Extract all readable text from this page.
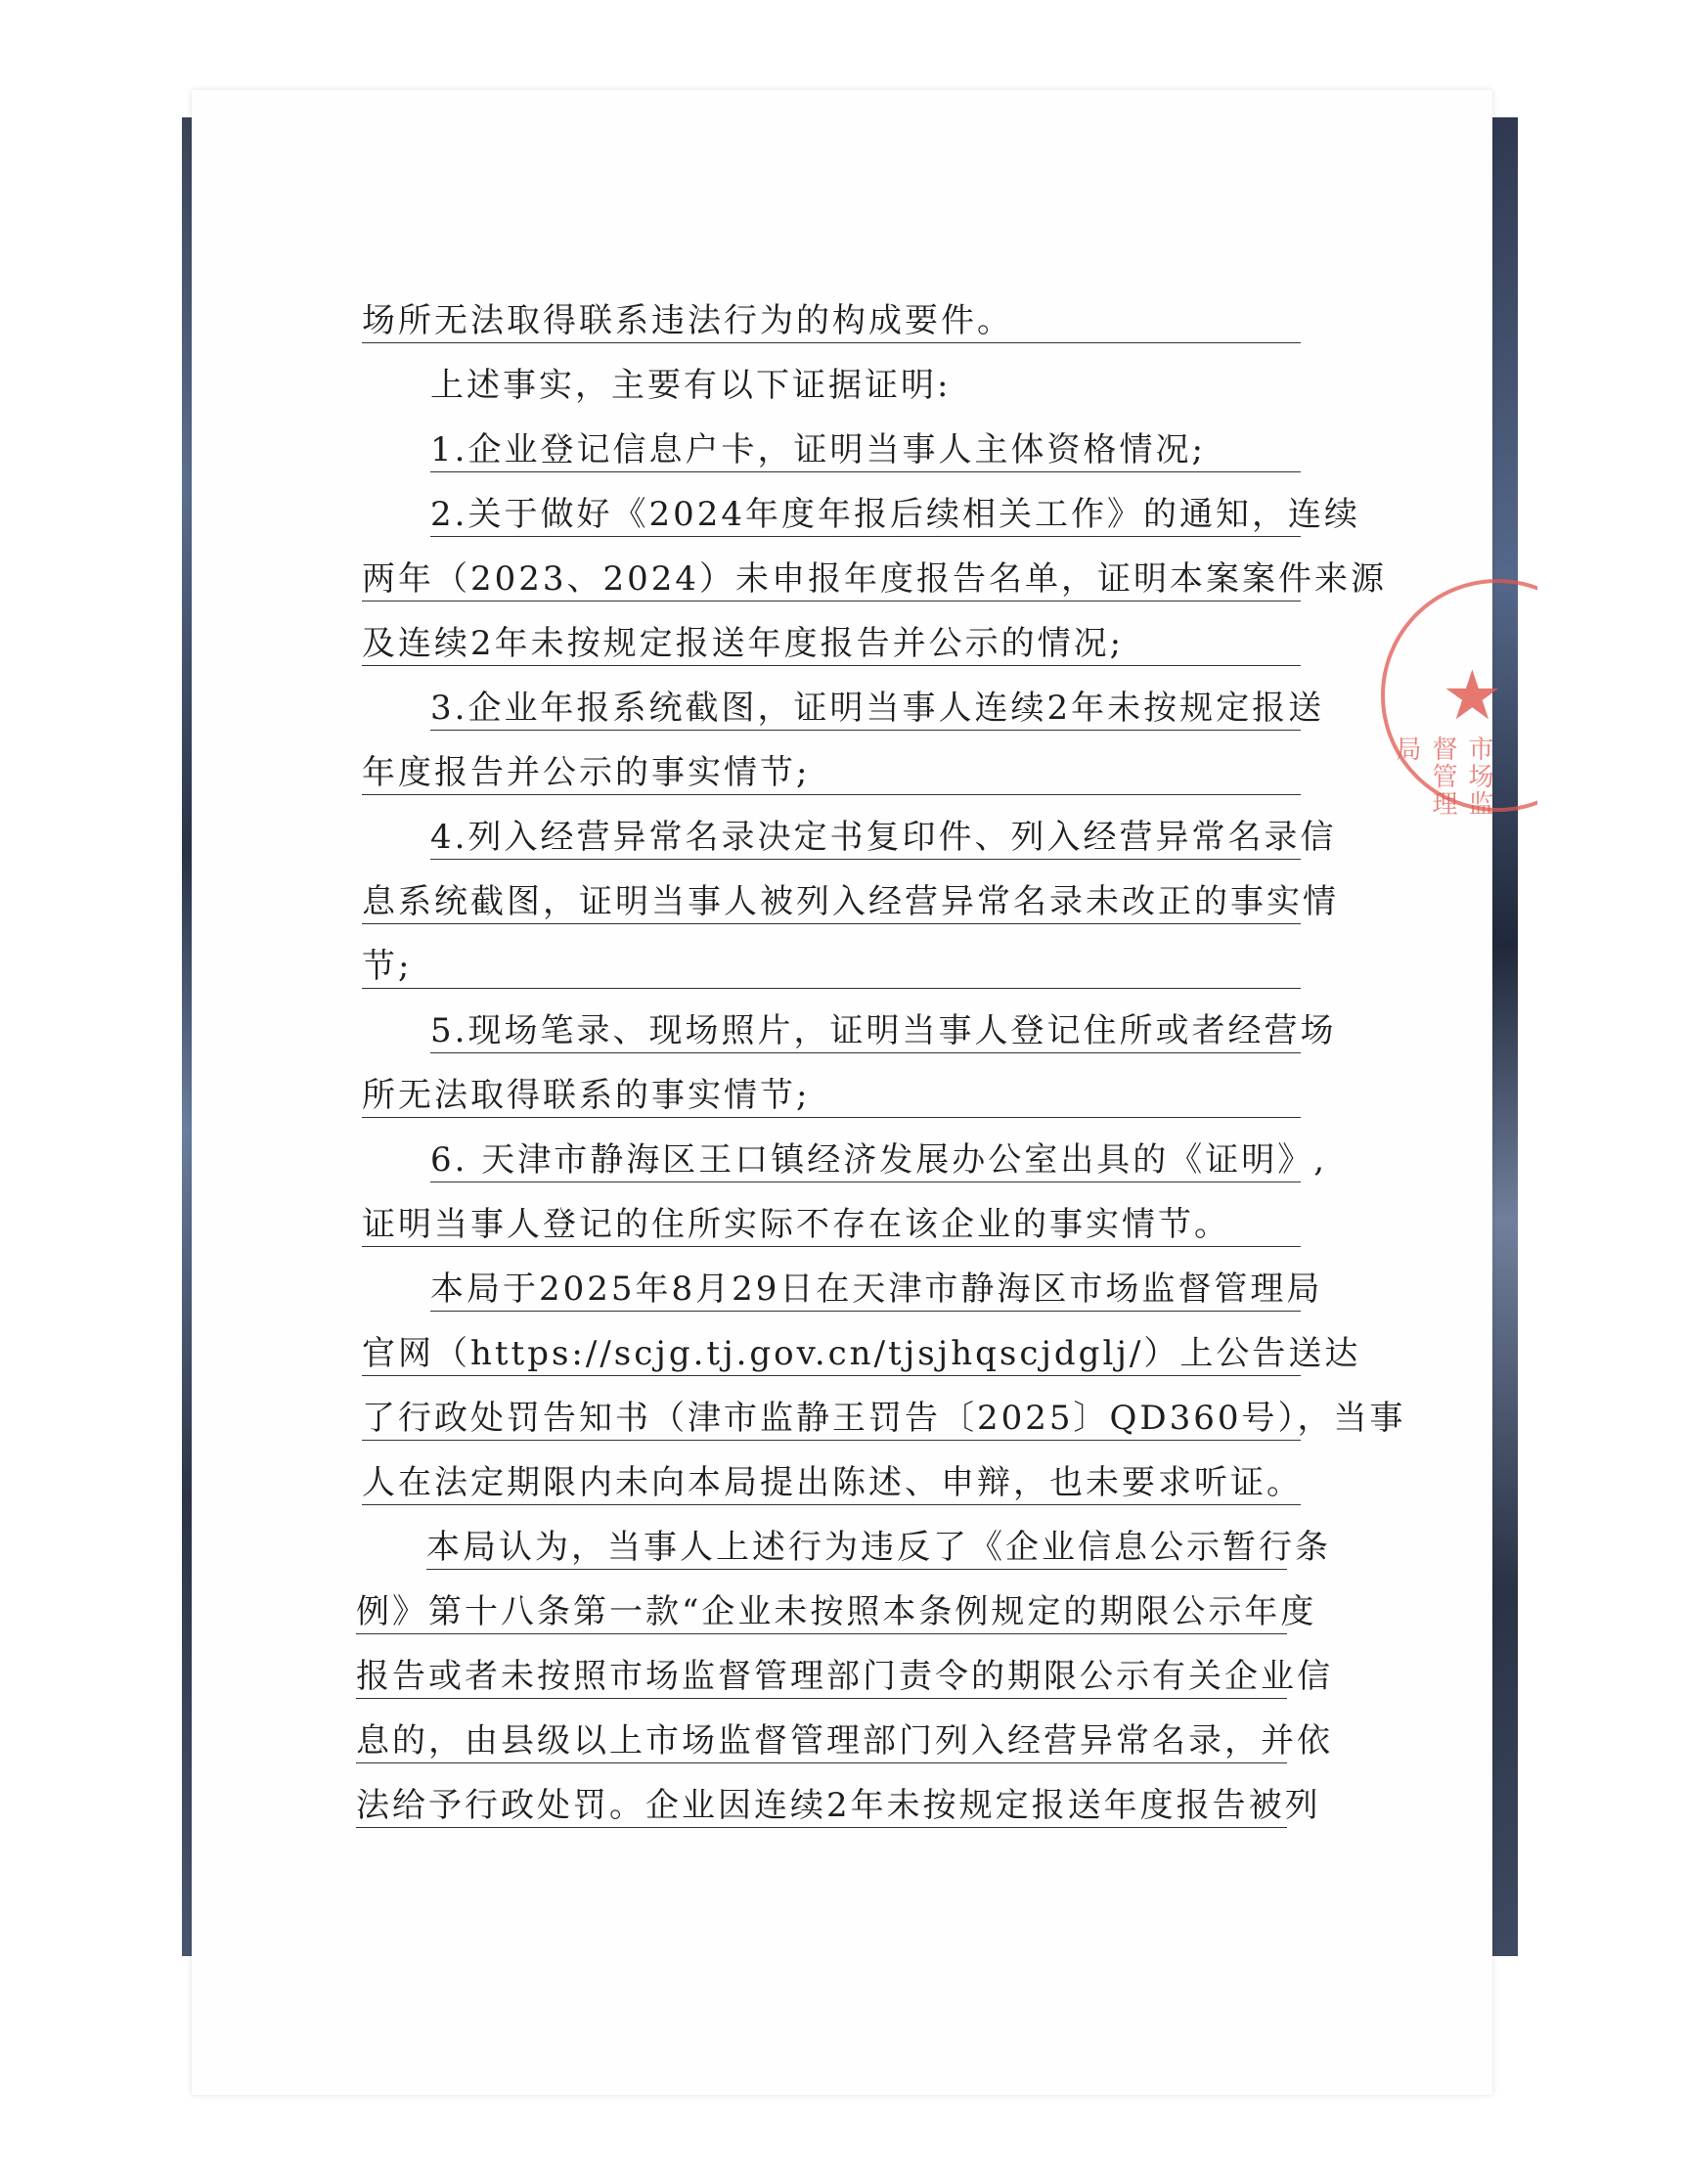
场所无法取得联系违法行为的构成要件。
上述事实，主要有以下证据证明:
1.企业登记信息户卡，证明当事人主体资格情况;
2.关于做好《2024年度年报后续相关工作》的通知，连续
两年（2023、2024）未申报年度报告名单，证明本案案件来源
及连续2年未按规定报送年度报告并公示的情况;
3.企业年报系统截图，证明当事人连续2年未按规定报送
年度报告并公示的事实情节;
4.列入经营异常名录决定书复印件、列入经营异常名录信
息系统截图，证明当事人被列入经营异常名录未改正的事实情
节;
5.现场笔录、现场照片，证明当事人登记住所或者经营场
所无法取得联系的事实情节;
6. 天津市静海区王口镇经济发展办公室出具的《证明》,
证明当事人登记的住所实际不存在该企业的事实情节。
本局于2025年8月29日在天津市静海区市场监督管理局
官网（https://scjg.tj.gov.cn/tjsjhqscjdglj/）上公告送达
了行政处罚告知书（津市监静王罚告〔2025〕QD360号），当事
人在法定期限内未向本局提出陈述、申辩，也未要求听证。
本局认为，当事人上述行为违反了《企业信息公示暂行条
例》第十八条第一款“企业未按照本条例规定的期限公示年度
报告或者未按照市场监督管理部门责令的期限公示有关企业信
息的，由县级以上市场监督管理部门列入经营异常名录，并依
法给予行政处罚。企业因连续2年未按规定报送年度报告被列
★
市场监督管理局
